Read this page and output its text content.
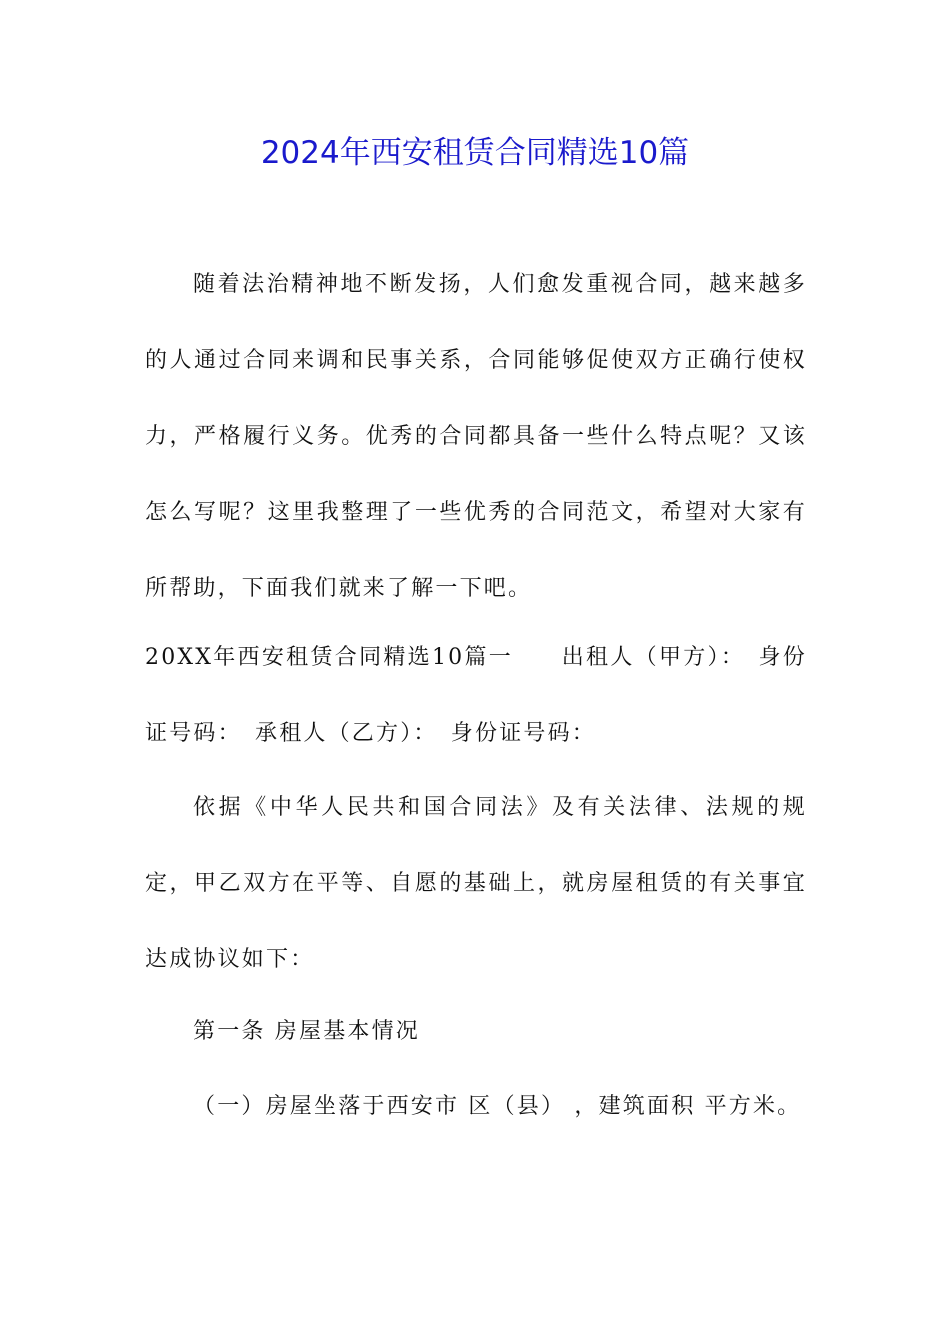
2024年西安租赁合同精选10篇

随着法治精神地不断发扬，人们愈发重视合同，越来越多的人通过合同来调和民事关系，合同能够促使双方正确行使权力，严格履行义务。优秀的合同都具备一些什么特点呢？又该怎么写呢？这里我整理了一些优秀的合同范文，希望对大家有所帮助，下面我们就来了解一下吧。

20XX年西安租赁合同精选10篇一　　出租人（甲方）：　身份证号码：　承租人（乙方）：　身份证号码：

依据《中华人民共和国合同法》及有关法律、法规的规定，甲乙双方在平等、自愿的基础上，就房屋租赁的有关事宜达成协议如下：

第一条 房屋基本情况

（一）房屋坐落于西安市 区（县） ，建筑面积 平方米。
